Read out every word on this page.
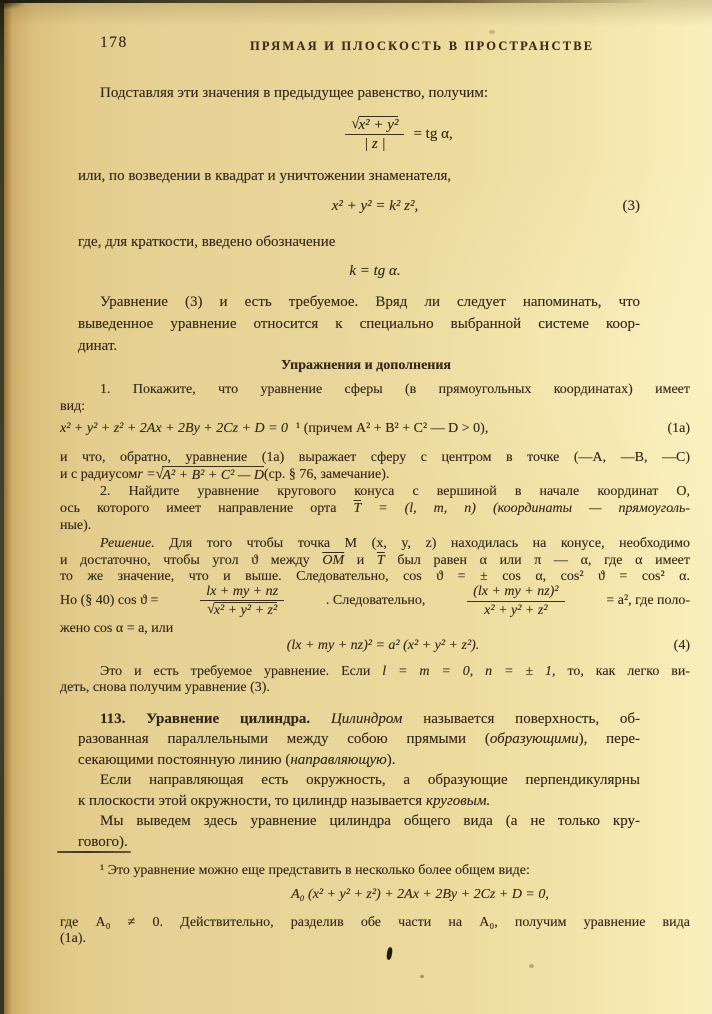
178	ПРЯМАЯ И ПЛОСКОСТЬ В ПРОСТРАНСТВЕ
Подставляя эти значения в предыдущее равенство, получим:
$\frac{\text{√ x² + y²}}{| z |}$ = tg α,
или, по возведении в квадрат и уничтожении знаменателя,
x² + y² = k² z²,	(3)
где, для краткости, введено обозначение
k = tg α.
Уравнение (3) и есть требуемое. Вряд ли следует напоминать, что
выведенное уравнение относится к специально выбранной системе коор-
динат.
Упражнения и дополнения
113. Уравнение цилиндра. Цилиндром называется поверхность, об-
разованная параллельными между собою прямыми (образующими), пере-
секающими постоянную линию (направляющую).
Если направляющая есть окружность, а образующие перпендикулярны
к плоскости этой окружности, то цилиндр называется круговым.
Мы выведем здесь уравнение цилиндра общего вида (а не только кру-
гового).
1. Покажите, что уравнение сферы (в прямоугольных координатах) имеет
вид:
x² + y² + z² + 2Ax + 2By + 2Cz + D = 0 ¹ (причем A² + B² + C² — D > 0),	(1а)
и что, обратно, уравнение (1а) выражает сферу с центром в точке (—A, —B, —C)
и с радиусом r = √ A² + B² + C² — D (ср. § 76, замечание).
2. Найдите уравнение кругового конуса с вершиной в начале координат O,
ось которого имеет направление орта $\overline{T} = (l$, m, n) (координаты — прямоуголь-
ные).
Решение. Для того чтобы точка M (x, y, z) находилась на конусе, необходимо
и достаточно, чтобы угол ϑ между $\overline{OM}$ и $\overline{T}$ был равен α или π — α, где α имеет
то же значение, что и выше. Следовательно, cos ϑ = ± cos α, cos² ϑ = cos² α.
Но (§ 40) cos ϑ =	$\frac{lx + my + nz}{\text{√ x² + y² + z²}}$	. Следовательно,	$\frac{\text{(lx + my + nz)²}}{\text{x² + y² + z²}}$	= a², где поло-
жено cos α = a, или
(lx + my + nz)² = a² (x² + y² + z²).	(4)
Это и есть требуемое уравнение. Если l = m = 0, n = ± 1, то, как легко ви-
деть, снова получим уравнение (3).
¹ Это уравнение можно еще представить в несколько более общем виде:
A₀ (x² + y² + z²) + 2Ax + 2By + 2Cz + D = 0,
где A₀ ≠ 0. Действительно, разделив обе части на A₀, получим уравнение вида
(1а).
